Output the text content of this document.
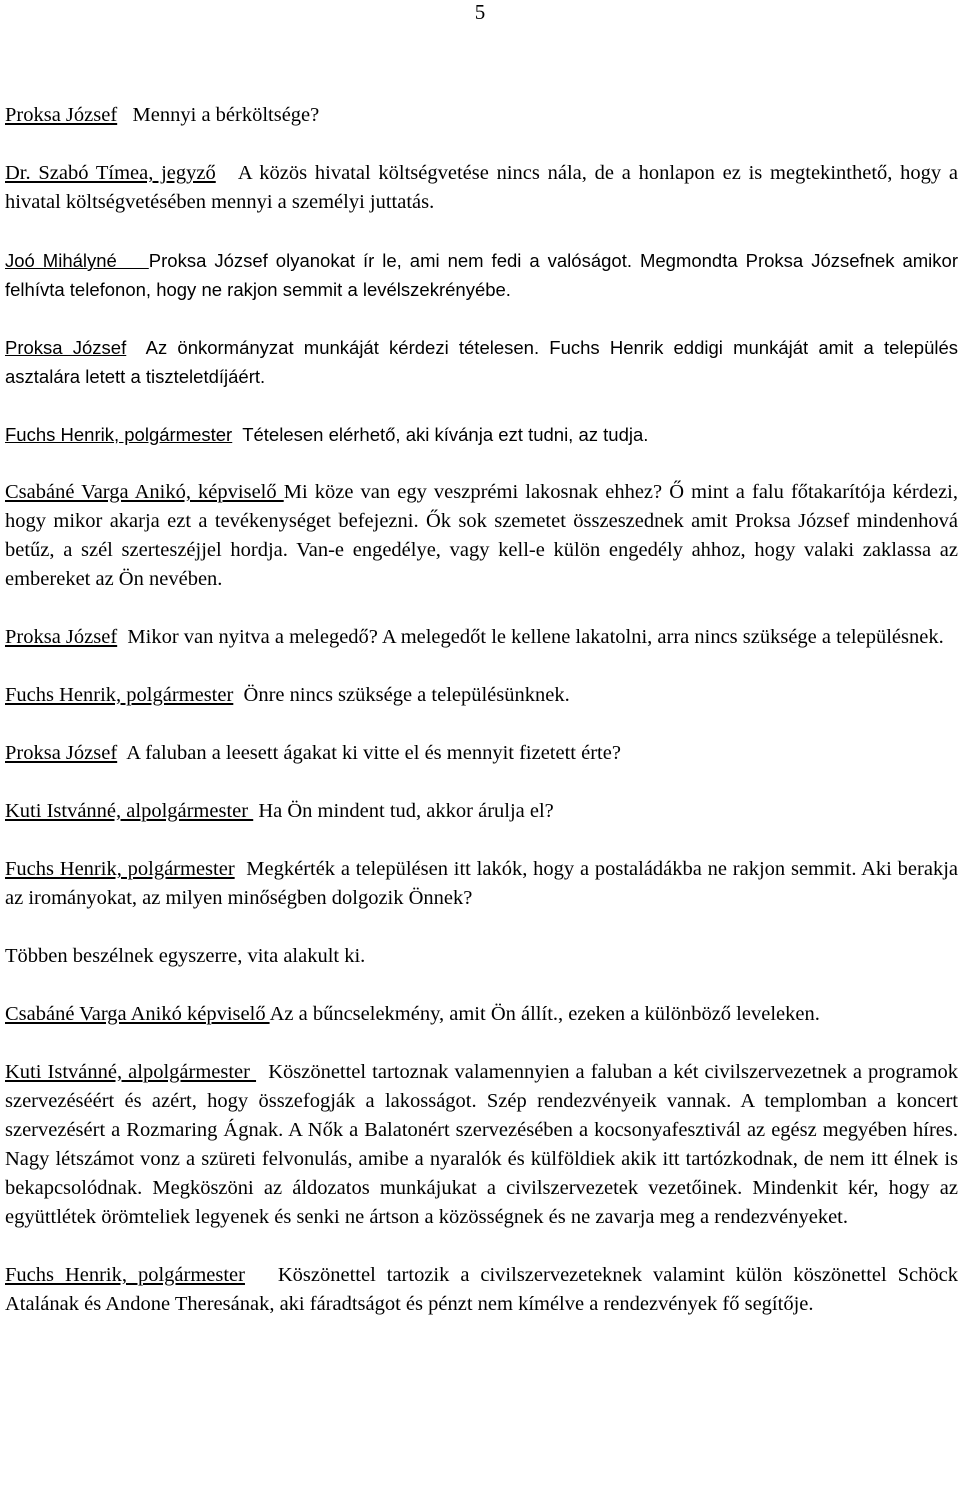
5

Proksa József Mennyi a bérköltsége?

Dr. Szabó Tímea, jegyző A közös hivatal költségvetése nincs nála, de a honlapon ez is megtekinthető, hogy a hivatal költségvetésében mennyi a személyi juttatás.

Joó Mihályné    Proksa József olyanokat ír le, ami nem fedi a valóságot. Megmondta Proksa Józsefnek amikor felhívta telefonon, hogy ne rakjon semmit a levélszekrényébe.

Proksa József Az önkormányzat munkáját kérdezi tételesen. Fuchs Henrik eddigi munkáját amit a település asztalára letett a tiszteletdíjáért.

Fuchs Henrik, polgármester Tételesen elérhető, aki kívánja ezt tudni, az tudja.

Csabáné Varga Anikó, képviselő Mi köze van egy veszprémi lakosnak ehhez? Ő mint a falu főtakarítója kérdezi, hogy mikor akarja ezt a tevékenységet befejezni. Ők sok szemetet összeszednek amit Proksa József mindenhová betűz, a szél szerteszéjjel hordja. Van-e engedélye, vagy kell-e külön engedély ahhoz, hogy valaki zaklassa az embereket az Ön nevében.

Proksa József Mikor van nyitva a melegedő? A melegedőt le kellene lakatolni, arra nincs szüksége a településnek.

Fuchs Henrik, polgármester Önre nincs szüksége a településünknek.

Proksa József A faluban a leesett ágakat ki vitte el és mennyit fizetett érte?

Kuti Istvánné, alpolgármester  Ha Ön mindent tud, akkor árulja el?

Fuchs Henrik, polgármester Megkérték a településen itt lakók, hogy a postaládákba ne rakjon semmit. Aki berakja az irományokat, az milyen minőségben dolgozik Önnek?

Többen beszélnek egyszerre, vita alakult ki.

Csabáné Varga Anikó képviselő Az a bűncselekmény, amit Ön állít., ezeken a különböző leveleken.

Kuti Istvánné, alpolgármester   Köszönettel tartoznak valamennyien a faluban a két civilszervezetnek a programok szervezéséért és azért, hogy összefogják a lakosságot. Szép rendezvényeik vannak. A templomban a koncert szervezésért a Rozmaring Ágnak. A Nők a Balatonért szervezésében a kocsonyafesztivál az egész megyében híres. Nagy létszámot vonz a szüreti felvonulás, amibe a nyaralók és külföldiek akik itt tartózkodnak, de nem itt élnek is bekapcsolódnak. Megköszöni az áldozatos munkájukat a civilszervezetek vezetőinek. Mindenkit kér, hogy az együttlétek örömteliek legyenek és senki ne ártson a közösségnek és ne zavarja meg a rendezvényeket.

Fuchs Henrik, polgármester Köszönettel tartozik a civilszervezeteknek valamint külön köszönettel Schöck Atalának és Andone Theresának, aki fáradtságot és pénzt nem kímélve a rendezvények fő segítője.
